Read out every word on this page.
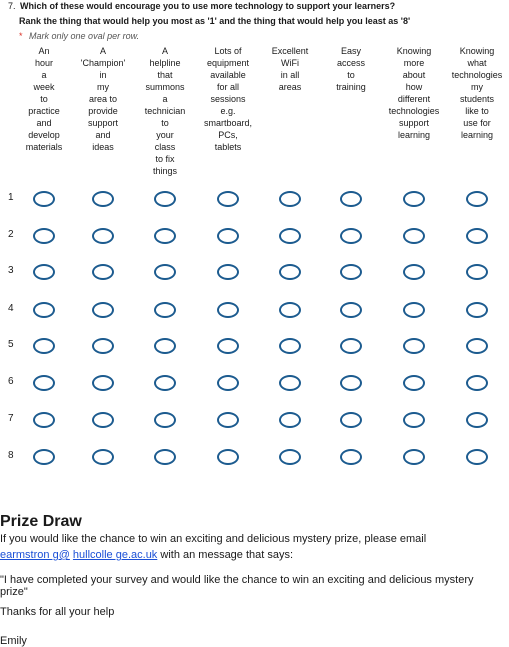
7. Which of these would encourage you to use more technology to support your learners?
Rank the thing that would help you most as '1' and the thing that would help you least as '8'
* Mark only one oval per row.
An
hour
a
week
to
practice
and
develop
materials
A
'Champion'
in
my
area to
provide
support
and
ideas
A
helpline
that
summons
a
technician
to
your
class
to fix
things
Lots of
equipment
available
for all
sessions
e.g.
smartboard,
PCs,
tablets
Excellent
WiFi
in all
areas
Easy
access
to
training
Knowing
more
about
how
different
technologies
support
learning
Knowing
what
technologies
my
students
like to
use for
learning
1
2
3
4
5
6
7
8
Prize Draw
If you would like the chance to win an exciting and delicious mystery prize, please email
earmstron g@ hullcolle ge.ac.uk with an message that says:
"I have completed your survey and would like the chance to win an exciting and delicious mystery prize"
Thanks for all your help
Emily
